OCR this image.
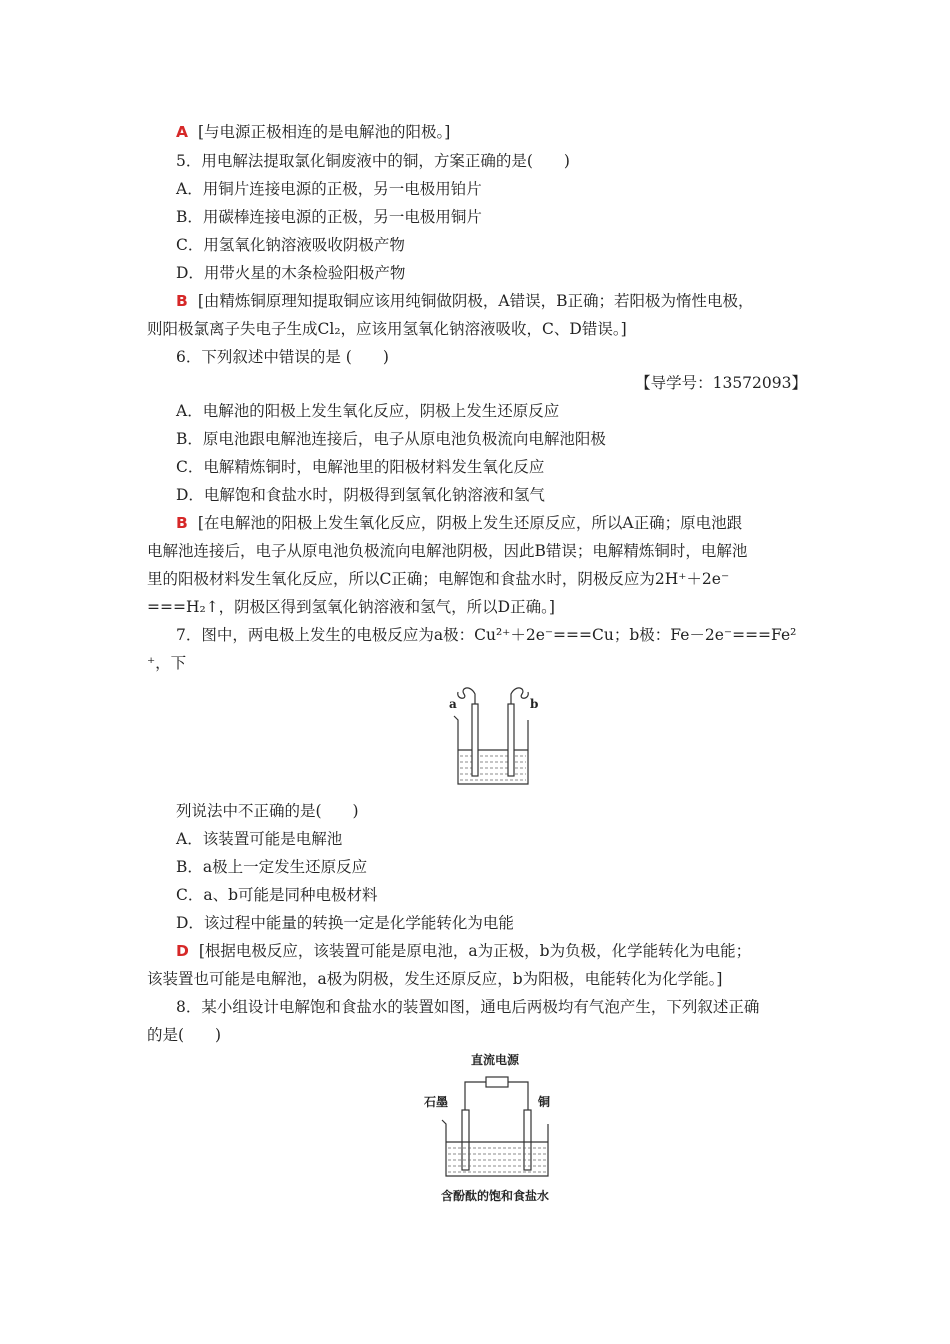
A [与电源正极相连的是电解池的阳极。]
5．用电解法提取氯化铜废液中的铜，方案正确的是(　　)
A．用铜片连接电源的正极，另一电极用铂片
B．用碳棒连接电源的正极，另一电极用铜片
C．用氢氧化钠溶液吸收阴极产物
D．用带火星的木条检验阳极产物
B [由精炼铜原理知提取铜应该用纯铜做阴极，A错误，B正确；若阳极为惰性电极，
则阳极氯离子失电子生成Cl₂，应该用氢氧化钠溶液吸收，C、D错误。]
6．下列叙述中错误的是 (　　)
【导学号：13572093】
A．电解池的阳极上发生氧化反应，阴极上发生还原反应
B．原电池跟电解池连接后，电子从原电池负极流向电解池阳极
C．电解精炼铜时，电解池里的阳极材料发生氧化反应
D．电解饱和食盐水时，阴极得到氢氧化钠溶液和氢气
B [在电解池的阳极上发生氧化反应，阴极上发生还原反应，所以A正确；原电池跟
电解池连接后，电子从原电池负极流向电解池阴极，因此B错误；电解精炼铜时，电解池
里的阳极材料发生氧化反应，所以C正确；电解饱和食盐水时，阴极反应为2H⁺＋2e⁻
===H₂↑，阴极区得到氢氧化钠溶液和氢气，所以D正确。]
7．图中，两电极上发生的电极反应为a极：Cu²⁺＋2e⁻===Cu；b极：Fe－2e⁻===Fe²
⁺，下
a	b
列说法中不正确的是(　　)
A．该装置可能是电解池
B．a极上一定发生还原反应
C．a、b可能是同种电极材料
D．该过程中能量的转换一定是化学能转化为电能
D [根据电极反应，该装置可能是原电池，a为正极，b为负极，化学能转化为电能；
该装置也可能是电解池，a极为阴极，发生还原反应，b为阳极，电能转化为化学能。]
8．某小组设计电解饱和食盐水的装置如图，通电后两极均有气泡产生，下列叙述正确
的是(　　)
直流电源
石墨	铜
含酚酞的饱和食盐水
